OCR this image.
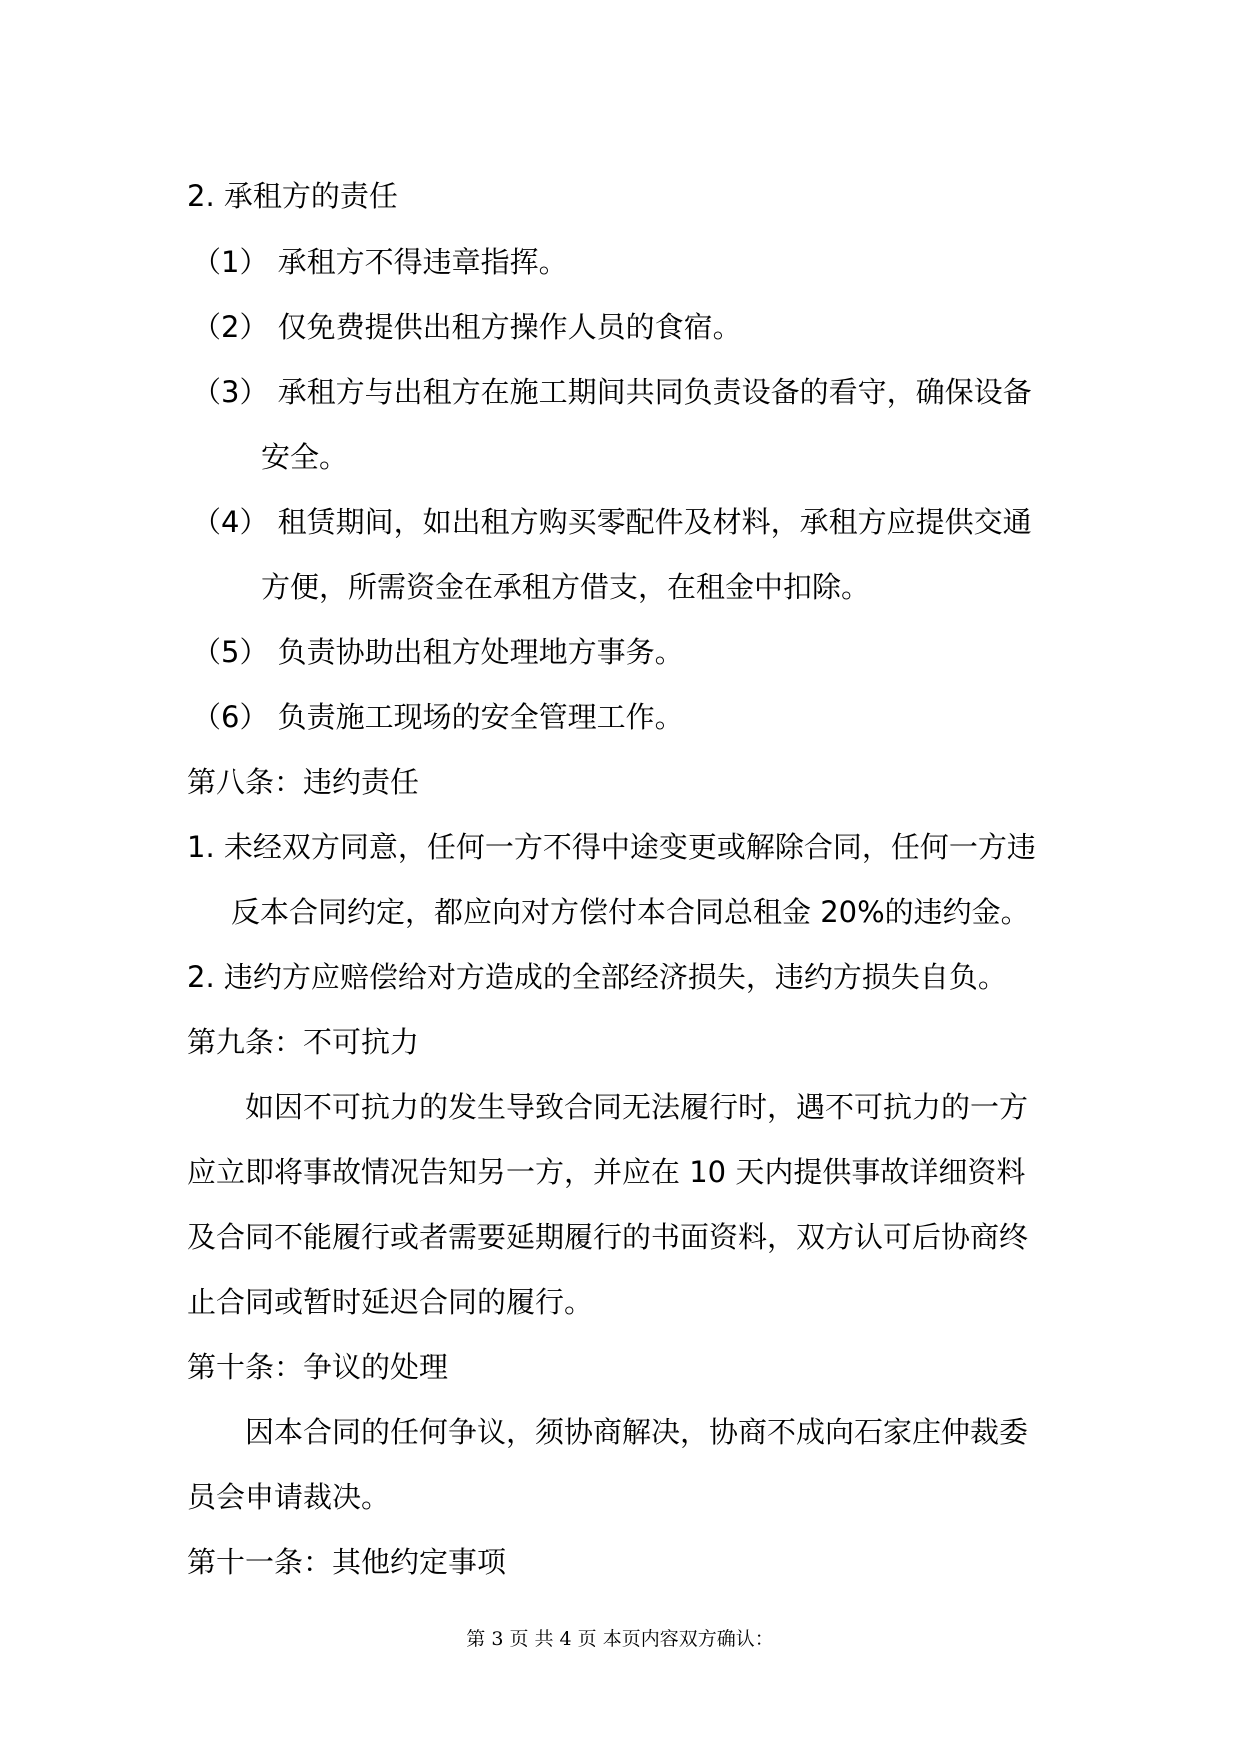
2. 承租方的责任
（1） 承租方不得违章指挥。
（2） 仅免费提供出租方操作人员的食宿。
（3） 承租方与出租方在施工期间共同负责设备的看守，确保设备
安全。
（4） 租赁期间，如出租方购买零配件及材料，承租方应提供交通
方便，所需资金在承租方借支，在租金中扣除。
（5） 负责协助出租方处理地方事务。
（6） 负责施工现场的安全管理工作。
第八条：违约责任
1. 未经双方同意，任何一方不得中途变更或解除合同，任何一方违
反本合同约定，都应向对方偿付本合同总租金 20%的违约金。
2. 违约方应赔偿给对方造成的全部经济损失，违约方损失自负。
第九条：不可抗力
如因不可抗力的发生导致合同无法履行时，遇不可抗力的一方
应立即将事故情况告知另一方，并应在 10 天内提供事故详细资料
及合同不能履行或者需要延期履行的书面资料，双方认可后协商终
止合同或暂时延迟合同的履行。
第十条：争议的处理
因本合同的任何争议，须协商解决，协商不成向石家庄仲裁委
员会申请裁决。
第十一条：其他约定事项
第 3 页 共 4 页 本页内容双方确认：
